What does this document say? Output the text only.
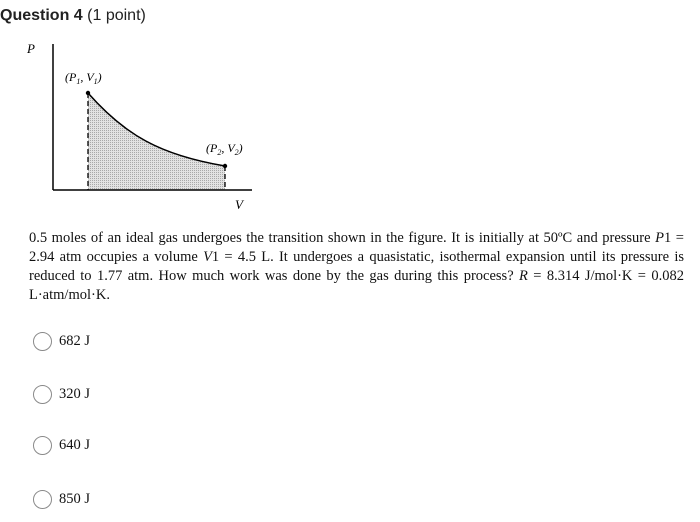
Question 4 (1 point)
P
V
($P_1$, $V_1$)
($P_2$, $V_2$)
0.5 moles of an ideal gas undergoes the transition shown in the figure. It is initially at 50ºC and pressure P1 = 2.94 atm occupies a volume V1 = 4.5 L. It undergoes a quasistatic, isothermal expansion until its pressure is reduced to 1.77 atm. How much work was done by the gas during this process? R = 8.314 J/mol·K = 0.082 L·atm/mol·K.
682 J
320 J
640 J
850 J
